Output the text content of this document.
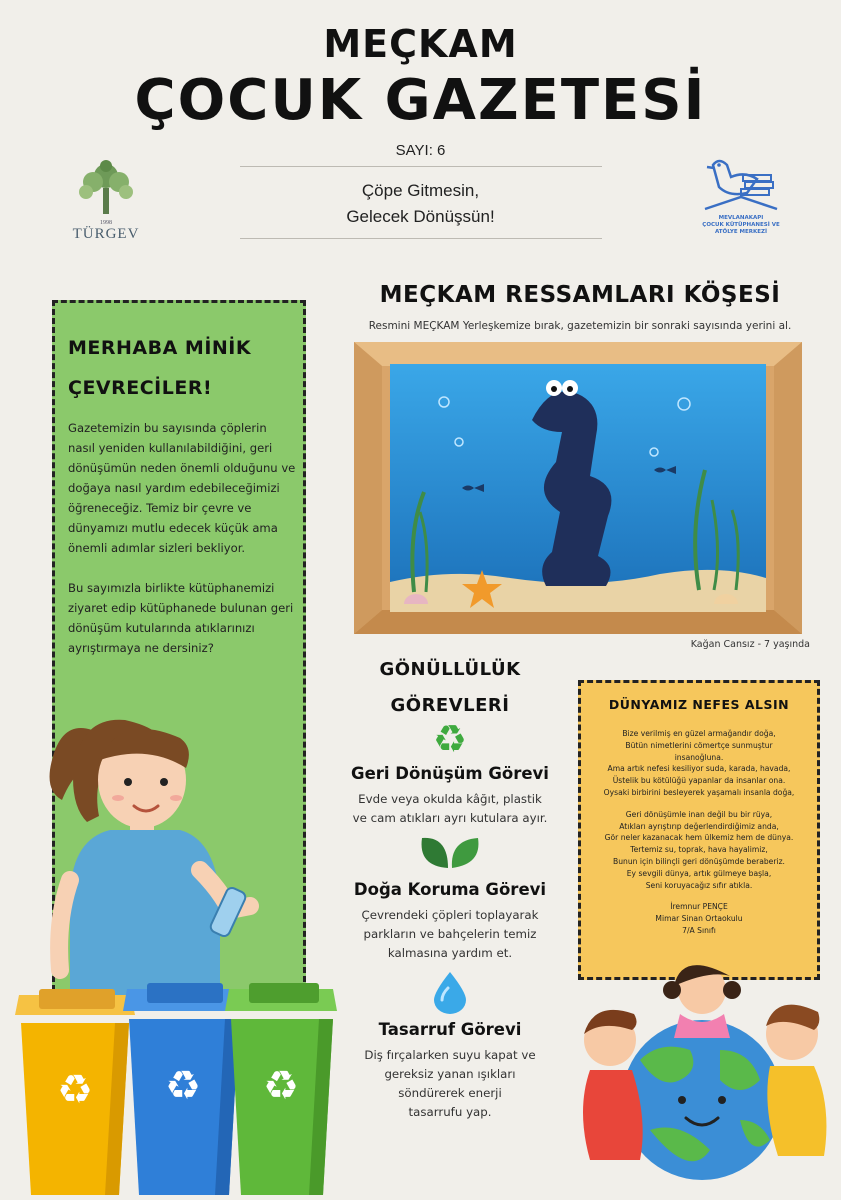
MEÇKAM
ÇOCUK GAZETESİ
SAYI: 6
Çöpe Gitmesin,
Gelecek Dönüşsün!
1998
TÜRGEV
MEVLANAKAPI
ÇOCUK KÜTÜPHANESİ VE
ATÖLYE MERKEZİ
MERHABA MİNİK
ÇEVRECİLER!

Gazetemizin bu sayısında çöplerin nasıl yeniden kullanılabildiğini, geri dönüşümün neden önemli olduğunu ve doğaya nasıl yardım edebileceğimizi öğreneceğiz. Temiz bir çevre ve dünyamızı mutlu edecek küçük ama önemli adımlar sizleri bekliyor.

Bu sayımızla birlikte kütüphanemizi ziyaret edip kütüphanede bulunan geri dönüşüm kutularında atıklarınızı ayrıştırmaya ne dersiniz?

♻ ♻ ♻
MEÇKAM RESSAMLARI KÖŞESİ
Resmini MEÇKAM Yerleşkemize bırak, gazetemizin bir sonraki sayısında yerini al.
Kağan Cansız - 7 yaşında
GÖNÜLLÜLÜK
GÖREVLERİ
♻
Geri Dönüşüm Görevi
Evde veya okulda kâğıt, plastik
ve cam atıkları ayrı kutulara ayır.
Doğa Koruma Görevi
Çevrendeki çöpleri toplayarak
parkların ve bahçelerin temiz
kalmasına yardım et.
Tasarruf Görevi
Diş fırçalarken suyu kapat ve
gereksiz yanan ışıkları
söndürerek enerji
tasarrufu yap.
DÜNYAMIZ NEFES ALSIN

Bize verilmiş en güzel armağandır doğa,
Bütün nimetlerini cömertçe sunmuştur
insanoğluna.
Ama artık nefesi kesiliyor suda, karada, havada,
Üstelik bu kötülüğü yapanlar da insanlar ona.
Oysaki birbirini besleyerek yaşamalı insanla doğa,

Geri dönüşümle inan değil bu bir rüya,
Atıkları ayrıştırıp değerlendirdiğimiz anda,
Gör neler kazanacak hem ülkemiz hem de dünya.
Tertemiz su, toprak, hava hayalimiz,
Bunun için bilinçli geri dönüşümde beraberiz.
Ey sevgili dünya, artık gülmeye başla,
Seni koruyacağız sıfır atıkla.

İremnur PENÇE
Mimar Sinan Ortaokulu
7/A Sınıfı
